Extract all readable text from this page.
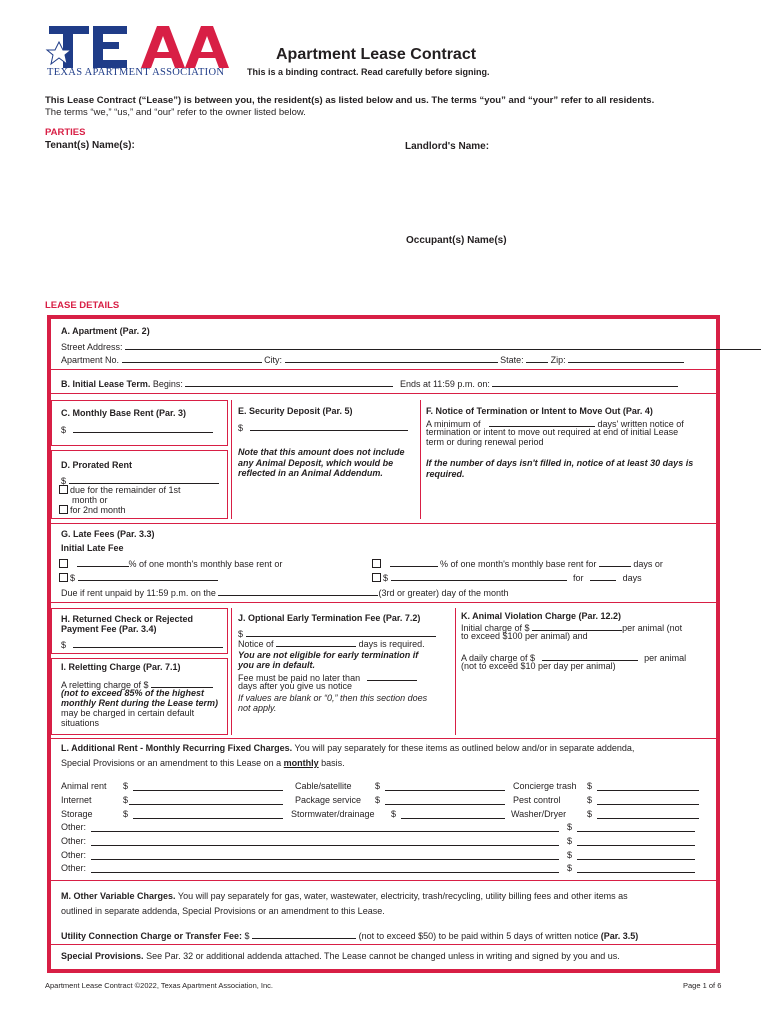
TEXAS APARTMENT ASSOCIATION
Apartment Lease Contract
This is a binding contract. Read carefully before signing.
This Lease Contract (“Lease”) is between you, the resident(s) as listed below and us. The terms “you” and “your” refer to all residents.
The terms “we,” “us,” and “our” refer to the owner listed below.
PARTIES
Tenant(s) Name(s):	Landlord's Name:
Occupant(s) Name(s)
LEASE DETAILS
A. Apartment (Par. 2)
Street Address:
Apartment No.	City:	State:	Zip:
B. Initial Lease Term. Begins:	Ends at 11:59 p.m. on:
C. Monthly Base Rent (Par. 3)
$
D. Prorated Rent
$
due for the remainder of 1st
month or
for 2nd month
E. Security Deposit (Par. 5)
$
Note that this amount does not include any Animal Deposit, which would be reflected in an Animal Addendum.
F. Notice of Termination or Intent to Move Out (Par. 4)
A minimum of	days' written notice of
termination or intent to move out required at end of initial Lease
term or during renewal period
If the number of days isn't filled in, notice of at least 30 days is required.
G. Late Fees (Par. 3.3)
Initial Late Fee
% of one month's monthly base rent or
$
% of one month's monthly base rent for	days or
$	for	days
Due if rent unpaid by 11:59 p.m. on the	(3rd or greater) day of the month
H. Returned Check or Rejected
Payment Fee (Par. 3.4)
$
I. Reletting Charge (Par. 7.1)
A reletting charge of $
(not to exceed 85% of the highest
monthly Rent during the Lease term)
may be charged in certain default
situations
J. Optional Early Termination Fee (Par. 7.2)
$
Notice of	days is required.
You are not eligible for early termination if
you are in default.
Fee must be paid no later than
days after you give us notice
If values are blank or “0,” then this section does
not apply.
K. Animal Violation Charge (Par. 12.2)
Initial charge of $	per animal (not
to exceed $100 per animal) and
A daily charge of $	per animal
(not to exceed $10 per day per animal)
L. Additional Rent - Monthly Recurring Fixed Charges. You will pay separately for these items as outlined below and/or in separate addenda,
Special Provisions or an amendment to this Lease on a monthly basis.
Animal rent $	Cable/satellite	$	Concierge trash $
Internet	$	Package service $	Pest control	$
Storage	$	Stormwater/drainage $	Washer/Dryer $
Other:	$
Other:	$
Other:	$
Other:	$
M. Other Variable Charges. You will pay separately for gas, water, wastewater, electricity, trash/recycling, utility billing fees and other items as
outlined in separate addenda, Special Provisions or an amendment to this Lease.
Utility Connection Charge or Transfer Fee: $	(not to exceed $50) to be paid within 5 days of written notice (Par. 3.5)
Special Provisions. See Par. 32 or additional addenda attached. The Lease cannot be changed unless in writing and signed by you and us.
Apartment Lease Contract ©2022, Texas Apartment Association, Inc.	Page 1 of 6
